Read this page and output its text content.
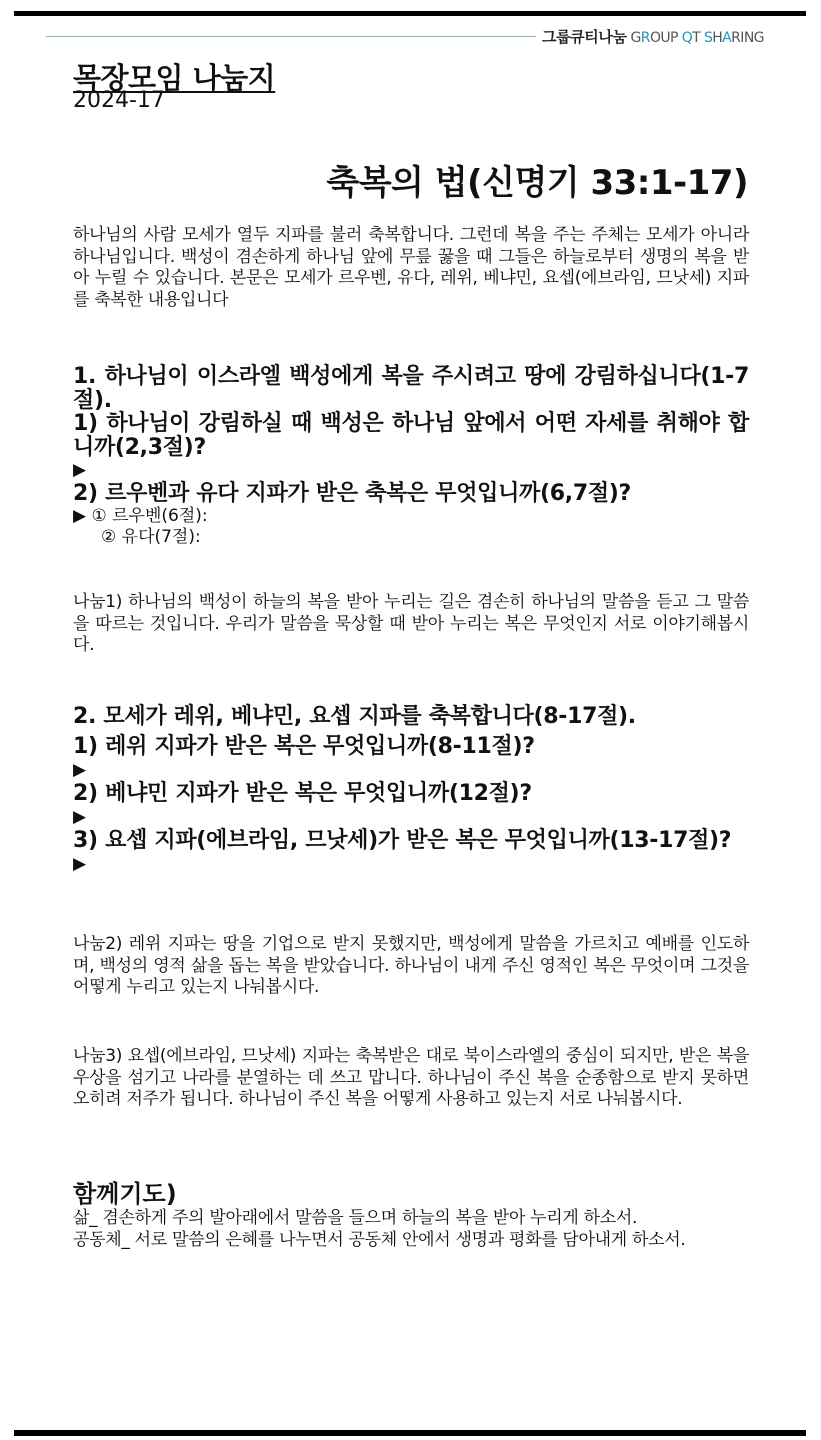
그룹큐티나눔 GROUP QT SHARING
목장모임 나눔지
2024-17
축복의 법(신명기 33:1-17)
하나님의 사람 모세가 열두 지파를 불러 축복합니다. 그런데 복을 주는 주체는 모세가 아니라 하나님입니다. 백성이 겸손하게 하나님 앞에 무릎 꿇을 때 그들은 하늘로부터 생명의 복을 받아 누릴 수 있습니다. 본문은 모세가 르우벤, 유다, 레위, 베냐민, 요셉(에브라임, 므낫세) 지파를 축복한 내용입니다
1. 하나님이 이스라엘 백성에게 복을 주시려고 땅에 강림하십니다(1-7절).
1) 하나님이 강림하실 때 백성은 하나님 앞에서 어떤 자세를 취해야 합니까(2,3절)?
▶
2) 르우벤과 유다 지파가 받은 축복은 무엇입니까(6,7절)?
▶ ① 르우벤(6절):
② 유다(7절):
나눔1) 하나님의 백성이 하늘의 복을 받아 누리는 길은 겸손히 하나님의 말씀을 듣고 그 말씀을 따르는 것입니다. 우리가 말씀을 묵상할 때 받아 누리는 복은 무엇인지 서로 이야기해봅시다.
2. 모세가 레위, 베냐민, 요셉 지파를 축복합니다(8-17절).
1) 레위 지파가 받은 복은 무엇입니까(8-11절)?
▶
2) 베냐민 지파가 받은 복은 무엇입니까(12절)?
▶
3) 요셉 지파(에브라임, 므낫세)가 받은 복은 무엇입니까(13-17절)?
▶
나눔2) 레위 지파는 땅을 기업으로 받지 못했지만, 백성에게 말씀을 가르치고 예배를 인도하며, 백성의 영적 삶을 돕는 복을 받았습니다. 하나님이 내게 주신 영적인 복은 무엇이며 그것을 어떻게 누리고 있는지 나눠봅시다.
나눔3) 요셉(에브라임, 므낫세) 지파는 축복받은 대로 북이스라엘의 중심이 되지만, 받은 복을 우상을 섬기고 나라를 분열하는 데 쓰고 맙니다. 하나님이 주신 복을 순종함으로 받지 못하면 오히려 저주가 됩니다. 하나님이 주신 복을 어떻게 사용하고 있는지 서로 나눠봅시다.
함께기도)
삶_ 겸손하게 주의 발아래에서 말씀을 들으며 하늘의 복을 받아 누리게 하소서.
공동체_ 서로 말씀의 은혜를 나누면서 공동체 안에서 생명과 평화를 담아내게 하소서.
